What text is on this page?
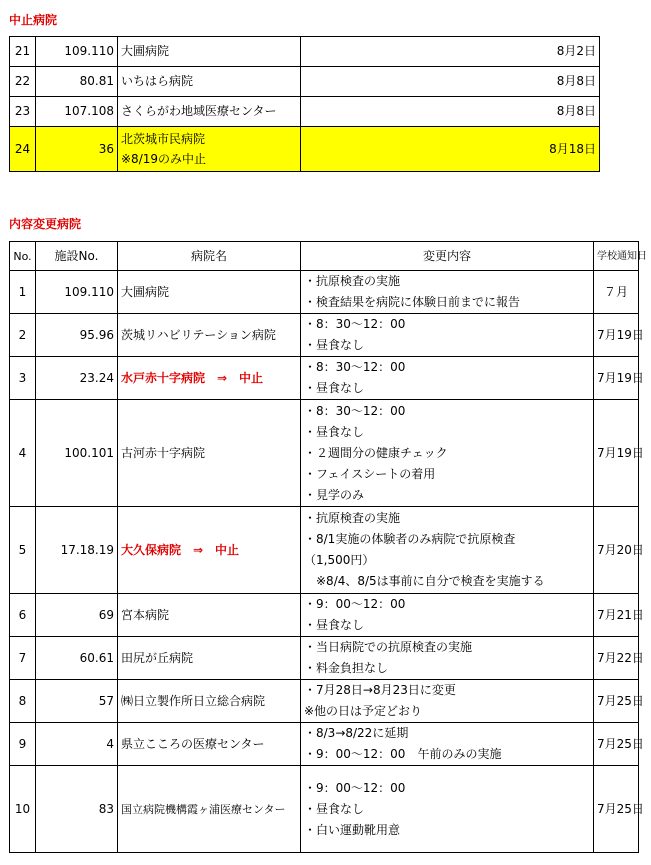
中止病院
21	109.110	大圃病院	8月2日
22	80.81	いちはら病院	8月8日
23	107.108	さくらがわ地域医療センター	8月8日
24	36	北茨城市民病院
※8/19のみ中止	8月18日
内容変更病院
No.	施設No.	病院名	変更内容	学校通知日
1	109.110	大圃病院	・抗原検査の実施
・検査結果を病院に体験日前までに報告	７月
2	95.96	茨城リハビリテーション病院	・8：30～12：00
・昼食なし	7月19日
3	23.24	水戸赤十字病院　⇒　中止	・8：30～12：00
・昼食なし	7月19日
4	100.101	古河赤十字病院	・8：30～12：00
・昼食なし
・２週間分の健康チェック
・フェイスシートの着用
・見学のみ	7月19日
5	17.18.19	大久保病院　⇒　中止	・抗原検査の実施
・8/1実施の体験者のみ病院で抗原検査
（1,500円）
　※8/4、8/5は事前に自分で検査を実施する	7月20日
6	69	宮本病院	・9：00～12：00
・昼食なし	7月21日
7	60.61	田尻が丘病院	・当日病院での抗原検査の実施
・料金負担なし	7月22日
8	57	㈱日立製作所日立総合病院	・7月28日→8月23日に変更
※他の日は予定どおり	7月25日
9	4	県立こころの医療センター	・8/3→8/22に延期
・9：00～12：00　午前のみの実施	7月25日
10	83	国立病院機構霞ヶ浦医療センター	・9：00～12：00
・昼食なし
・白い運動靴用意	7月25日
